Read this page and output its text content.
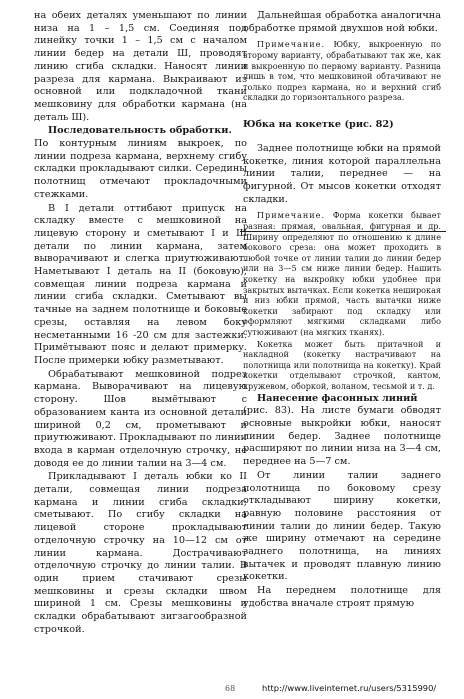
на обеих деталях уменьшают по линии низа на 1 – 1,5 см. Соединяя под линейку точки 1 – 1,5 см с началом линии бедер на детали Ш, проводят линию сгиба складки. Наносят линии разреза для кармана. Выкраивают из основной или подкладочной ткани мешковину для обработки кармана (на деталь Ш).

Последовательность обработки.

По контурным линиям выкроек, по линии подреза кармана, верхнему сгибу складки прокладывают силки. Середины полотнищ отмечают прокладочными стежками.

В I детали оттибают припуск на складку вместе с мешковиной на лицевую сторону и сметывают I и Ш детали по линии кармана, затем выворачивают и слегка приутюживают. Наметывают I деталь на II (боковую), совмещая линии подреза кармана и линии сгиба складки. Сметывают вы тачные на заднем полотнище и боковые срезы, оставляя на левом боку несметанными 16 -20 см для застежки. Примётывают пояс и делают примерку. После примерки юбку разметывают.

Обрабатывают мешковиной подрез кармана. Выворачивают на лицевую сторону. Шов вымётывают с образованием канта из основной детали шириной 0,2 см, прометывают и приутюживают. Прокладывают по линии входа в карман отделочную строчку, не доводя ее до линии талии на 3—4 см.

Прикладывают I деталь юбки ко II детали, совмещая линии подреза кармана и линии сгиба складки; сметывают. По сгибу складки на лицевой стороне прокладывают отделочную строчку на 10—12 см от линии кармана. Дострачивают отделочную строчку до линии талии. В один прием стачивают срезы мешковины и срезы складки швом шириной 1 см. Срезы мешковины и складки обрабатывают зигзагообразной строчкой.

Дальнейшая обработка аналогична обработке прямой двухшов ной юбки.

Примечание. Юбку, выкроенную по второму варианту, обрабатывают так же, как и выкроенную по первому варианту. Разница лишь в том, что мешковиной обтачивают не только подрез кармана, но и верхний сгиб складки до горизонтального разреза.

Юбка на кокетке (рис. 82)

Заднее полотнище юбки на прямой кокетке, линия которой параллельна линии талии, переднее — на фигурной. От мысов кокетки отходят складки.

Примечание. Форма кокетки бывает разная: прямая, овальная, фигурная и др. Ширину определяют по отношению к длине бокового среза: она может проходить в любой точке от линии талии до линии бедер или на 3—5 см ниже линии бедер. Нашить кокетку на выкройку юбки удобнее при закрытых вытачках. Если кокетка неширокая и низ юбки прямой, часть вытачки ниже кокетки забирают под складку или оформляют мягкими складками либо сутюживают (на мягких тканях).

Кокетка может быть притачной и накладной (кокетку настрачивают на полотнища или полотнища на кокетку). Край кокетки отделывают строчкой, кантом, кружевом, оборкой, воланом, тесьмой и т. д.

Нанесение фасонных линий

(рис. 83). На листе бумаги обводят основные выкройки юбки, наносят линии бедер. Заднее полотнище расширяют по линии низа на 3—4 см, переднее на 5—7 см.

От линии талии заднего полотнища по боковому срезу откладывают ширину кокетки, равную половине расстояния от линии талии до линии бедер. Такую же ширину отмечают на середине заднего полотнища, на линиях вытачек и проводят плавную линию кокетки.

На переднем полотнище для удобства вначале строят прямую

68	http://www.liveinternet.ru/users/5315990/
